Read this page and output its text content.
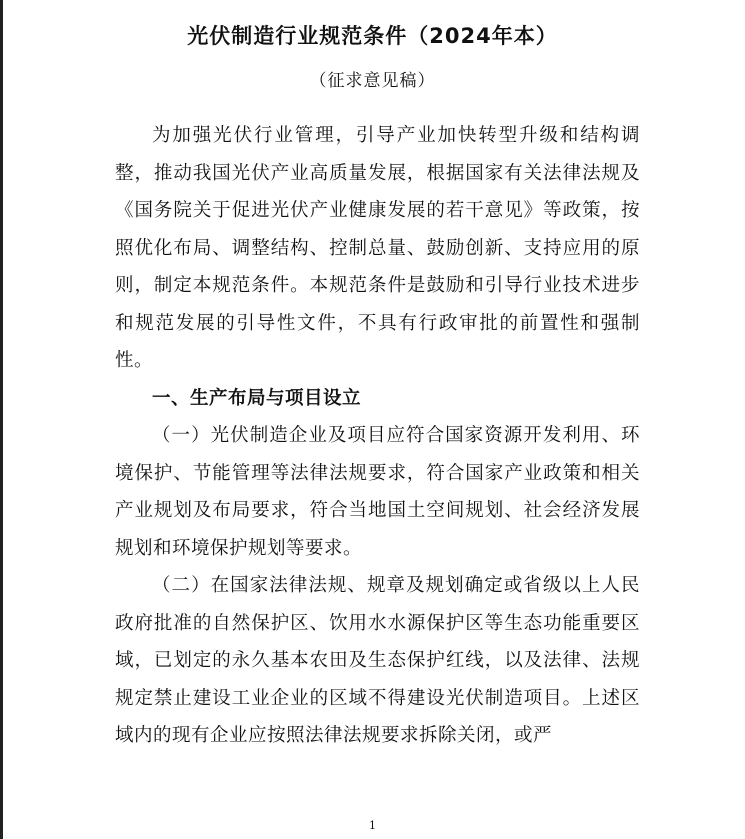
光伏制造行业规范条件（2024年本）
（征求意见稿）

为加强光伏行业管理，引导产业加快转型升级和结构调整，推动我国光伏产业高质量发展，根据国家有关法律法规及《国务院关于促进光伏产业健康发展的若干意见》等政策，按照优化布局、调整结构、控制总量、鼓励创新、支持应用的原则，制定本规范条件。本规范条件是鼓励和引导行业技术进步和规范发展的引导性文件，不具有行政审批的前置性和强制性。

一、生产布局与项目设立

（一）光伏制造企业及项目应符合国家资源开发利用、环境保护、节能管理等法律法规要求，符合国家产业政策和相关产业规划及布局要求，符合当地国土空间规划、社会经济发展规划和环境保护规划等要求。

（二）在国家法律法规、规章及规划确定或省级以上人民政府批准的自然保护区、饮用水水源保护区等生态功能重要区域，已划定的永久基本农田及生态保护红线，以及法律、法规规定禁止建设工业企业的区域不得建设光伏制造项目。上述区域内的现有企业应按照法律法规要求拆除关闭，或严

1
